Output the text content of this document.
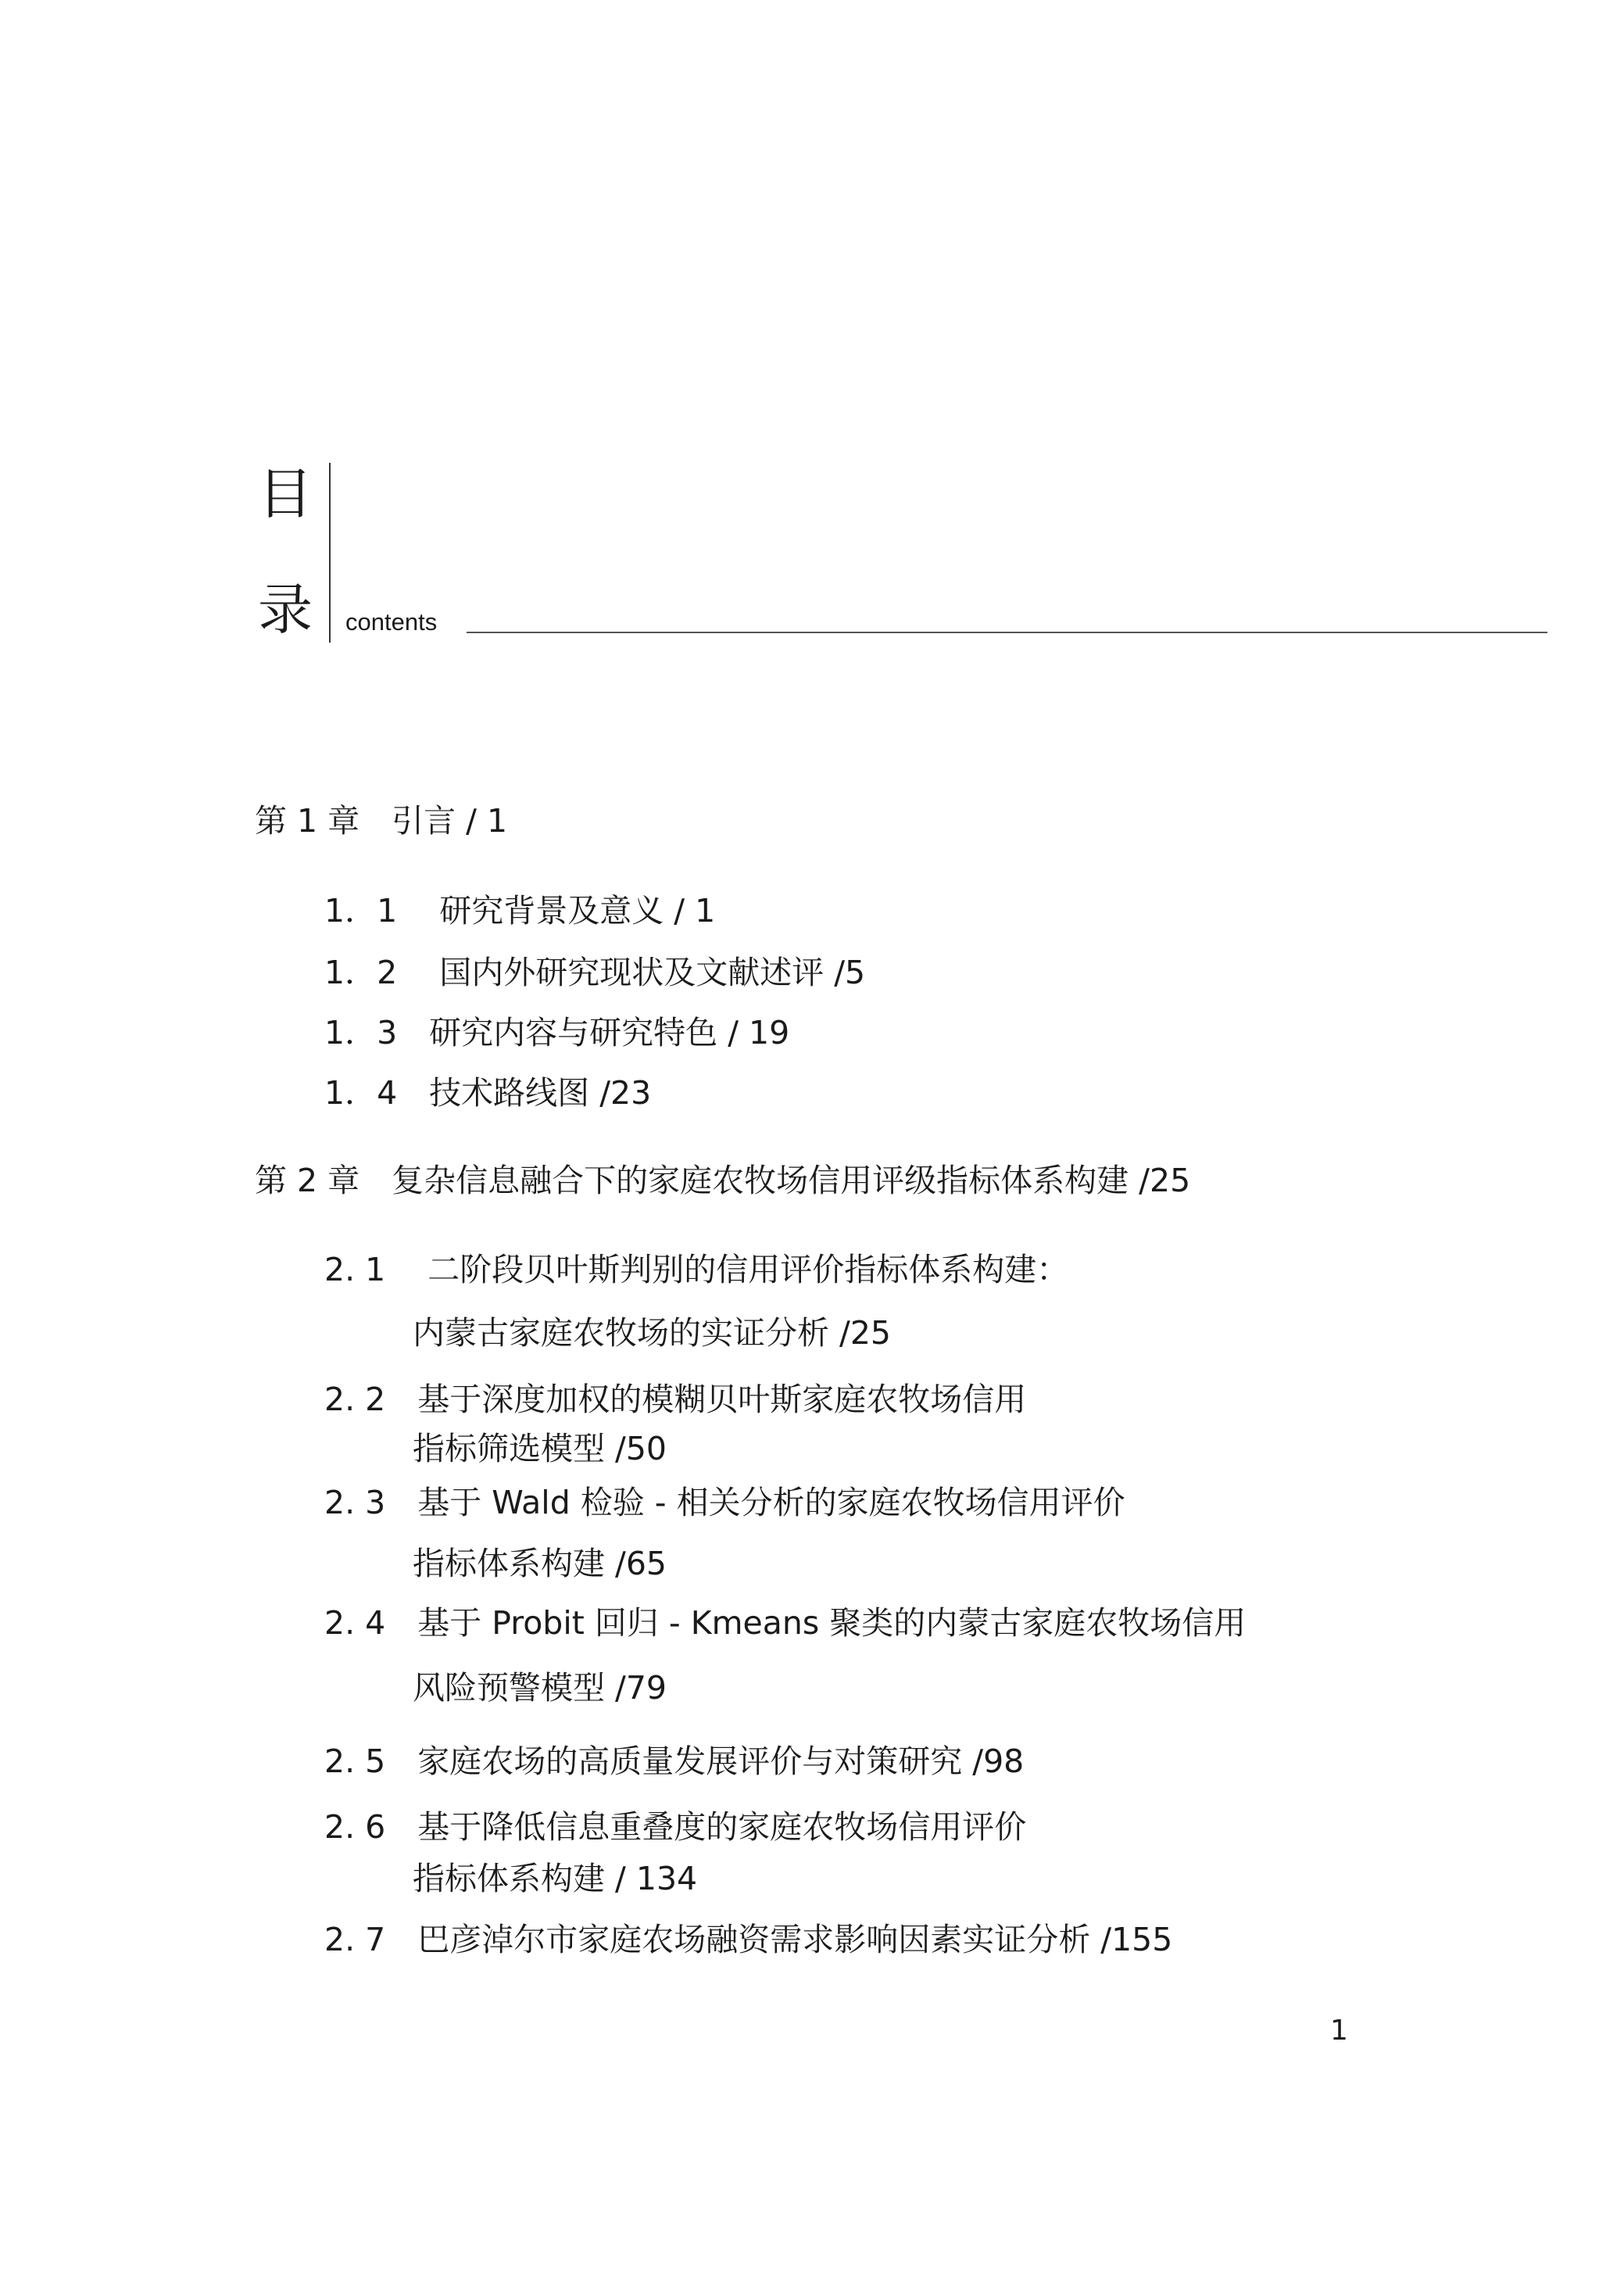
目
录 contents
第 1 章　引言 / 1
1．1　 研究背景及意义 / 1
1．2　 国内外研究现状及文献述评 /5
1．3　研究内容与研究特色 / 19
1．4　技术路线图 /23
第 2 章　复杂信息融合下的家庭农牧场信用评级指标体系构建 /25
2. 1　 二阶段贝叶斯判别的信用评价指标体系构建：
内蒙古家庭农牧场的实证分析 /25
2. 2　基于深度加权的模糊贝叶斯家庭农牧场信用
指标筛选模型 /50
2. 3　基于 Wald 检验 - 相关分析的家庭农牧场信用评价
指标体系构建 /65
2. 4　基于 Probit 回归 - Kmeans 聚类的内蒙古家庭农牧场信用
风险预警模型 /79
2. 5　家庭农场的高质量发展评价与对策研究 /98
2. 6　基于降低信息重叠度的家庭农牧场信用评价
指标体系构建 / 134
2. 7　巴彦淖尔市家庭农场融资需求影响因素实证分析 /155
1
